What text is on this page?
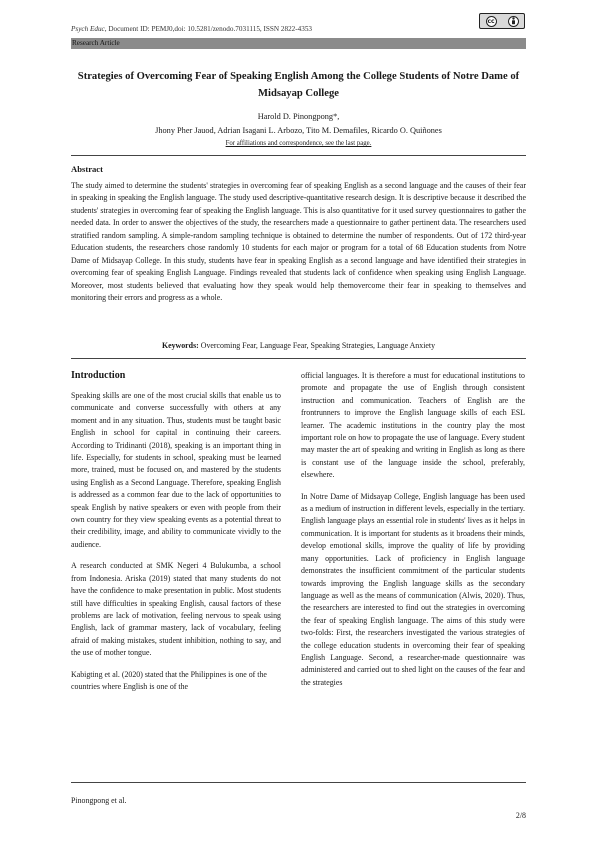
Psych Educ, Document ID: PEMJ0,doi: 10.5281/zenodo.7031115, ISSN 2822-4353
cc
Research Article
Strategies of Overcoming Fear of Speaking English Among the College Students of Notre Dame of Midsayap College
Harold D. Pinongpong*,
Jhony Pher Jauod, Adrian Isagani L. Arbozo, Tito M. Demafiles, Ricardo O. Quiñones
For affiliations and correspondence, see the last page.
Abstract
The study aimed to determine the students' strategies in overcoming fear of speaking English as a second language and the causes of their fear in speaking in speaking the English language. The study used descriptive-quantitative research design. It is descriptive because it described the students' strategies in overcoming fear of speaking the English language. This is also quantitative for it used survey questionnaires to gather the needed data. In order to answer the objectives of the study, the researchers made a questionnaire to gather pertinent data. The researchers used stratified random sampling. A simple-random sampling technique is obtained to determine the number of respondents. Out of 172 third-year Education students, the researchers chose randomly 10 students for each major or program for a total of 68 Education students from Notre Dame of Midsayap College. In this study, students have fear in speaking English as a second language and have identified their strategies in overcoming fear of speaking English Language. Findings revealed that students lack of confidence when speaking using English Language. Moreover, most students believed that evaluating how they speak would help themovercome their fear in speaking to themselves and monitoring their errors and progress as a whole.
Keywords: Overcoming Fear, Language Fear, Speaking Strategies, Language Anxiety
Introduction

Speaking skills are one of the most crucial skills that enable us to communicate and converse successfully with others at any moment and in any situation. Thus, students must be taught basic English in school for capital in continuing their careers. According to Tridinanti (2018), speaking is an important thing in life. Especially, for students in school, speaking must be learned more, trained, must be focused on, and mastered by the students using English as a Second Language. Therefore, speaking English is addressed as a common fear due to the lack of opportunities to speak English by native speakers or even with people from their own country for they view speaking events as a potential threat to their credibility, image, and ability to communicate vividly to the audience.

A research conducted at SMK Negeri 4 Bulukumba, a school from Indonesia. Ariska (2019) stated that many students do not have the confidence to make presentation in public. Most students still have difficulties in speaking English, causal factors of these problems are lack of motivation, feeling nervous to speak using English, lack of grammar mastery, lack of vocabulary, feeling afraid of making mistakes, student inhibition, nothing to say, and the use of mother tongue.

Kabigting et al. (2020) stated that the Philippines is one of the countries where English is one of the

official languages. It is therefore a must for educational institutions to promote and propagate the use of English through consistent instruction and communication. Teachers of English are the frontrunners to improve the English language skills of each ESL learner. The academic institutions in the country play the most important role on how to propagate the use of language. Every student may master the art of speaking and writing in English as long as there is constant use of the language inside the school, preferably, elsewhere.

In Notre Dame of Midsayap College, English language has been used as a medium of instruction in different levels, especially in the tertiary. English language plays an essential role in students' lives as it helps in communication. It is important for students as it broadens their minds, develop emotional skills, improve the quality of life by providing many opportunities. Lack of proficiency in English language demonstrates the insufficient commitment of the particular students towards improving the English language skills as the secondary language as well as the means of communication (Alwis, 2020). Thus, the researchers are interested to find out the strategies in overcoming the fear of speaking English language. The aims of this study were two-folds: First, the researchers investigated the various strategies of the college education students in overcoming their fear of speaking English Language. Second, a researcher-made questionnaire was administered and carried out to shed light on the causes of the fear and the strategies

Pinongpong et al.
2/8
